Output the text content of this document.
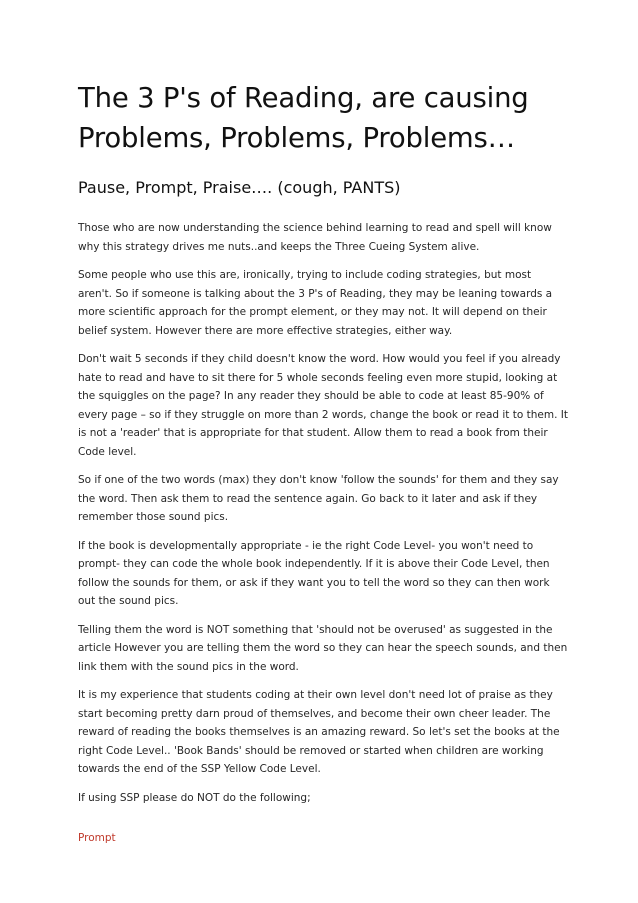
The 3 P's of Reading, are causing Problems, Problems, Problems…
Pause, Prompt, Praise…. (cough, PANTS)

Those who are now understanding the science behind learning to read and spell will know why this strategy drives me nuts..and keeps the Three Cueing System alive.

Some people who use this are, ironically, trying to include coding strategies, but most aren't. So if someone is talking about the 3 P's of Reading, they may be leaning towards a more scientific approach for the prompt element, or they may not. It will depend on their belief system. However there are more effective strategies, either way.

Don't wait 5 seconds if they child doesn't know the word. How would you feel if you already hate to read and have to sit there for 5 whole seconds feeling even more stupid, looking at the squiggles on the page? In any reader they should be able to code at least 85-90% of every page – so if they struggle on more than 2 words, change the book or read it to them. It is not a 'reader' that is appropriate for that student. Allow them to read a book from their Code level.

So if one of the two words (max) they don't know 'follow the sounds' for them and they say the word. Then ask them to read the sentence again. Go back to it later and ask if they remember those sound pics.

If the book is developmentally appropriate - ie the right Code Level- you won't need to prompt- they can code the whole book independently. If it is above their Code Level, then follow the sounds for them, or ask if they want you to tell the word so they can then work out the sound pics.

Telling them the word is NOT something that 'should not be overused' as suggested in the article However you are telling them the word so they can hear the speech sounds, and then link them with the sound pics in the word.

It is my experience that students coding at their own level don't need lot of praise as they start becoming pretty darn proud of themselves, and become their own cheer leader. The reward of reading the books themselves is an amazing reward. So let's set the books at the right Code Level.. 'Book Bands' should be removed or started when children are working towards the end of the SSP Yellow Code Level.

If using SSP please do NOT do the following;

Prompt
